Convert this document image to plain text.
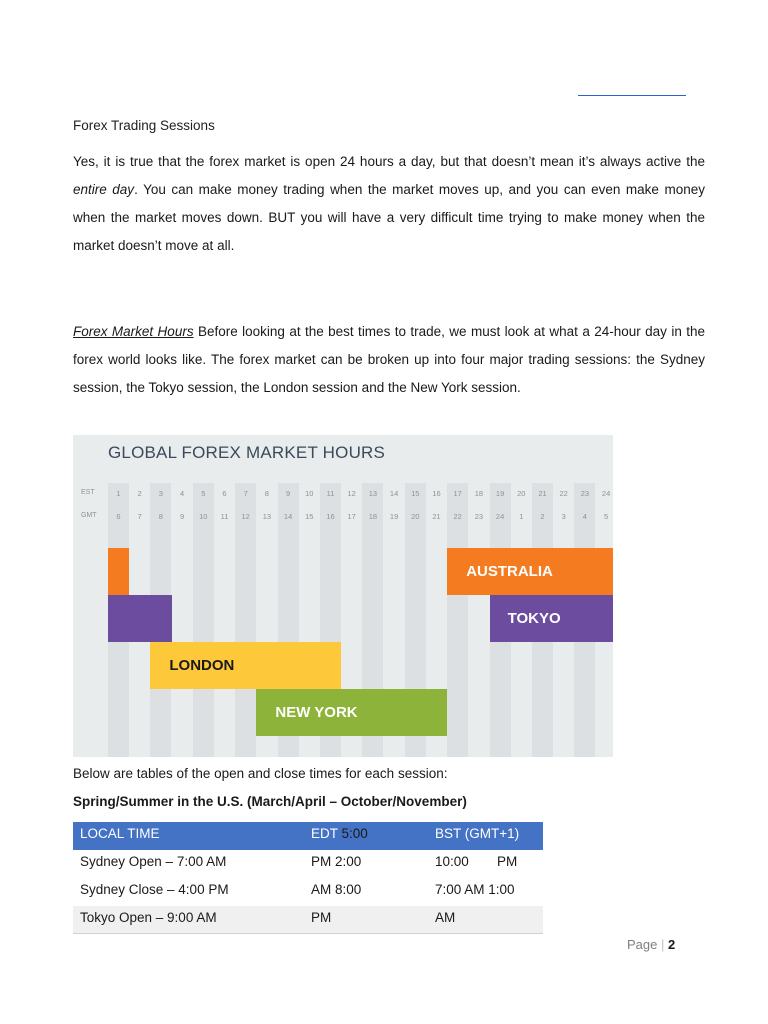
Forex Trading Sessions

Yes, it is true that the forex market is open 24 hours a day, but that doesn’t mean it’s always active the entire day. You can make money trading when the market moves up, and you can even make money when the market moves down. BUT you will have a very difficult time trying to make money when the market doesn’t move at all.

Forex Market Hours Before looking at the best times to trade, we must look at what a 24-hour day in the forex world looks like. The forex market can be broken up into four major trading sessions: the Sydney session, the Tokyo session, the London session and the New York session.

GLOBAL FOREX MARKET HOURS
EST
GMT
1	2	3	4	5	6	7	8	9	10	11	12	13	14	15	16	17	18	19	20	21	22	23	24
6	7	8	9	10	11	12	13	14	15	16	17	18	19	20	21	22	23	24	1	2	3	4	5
AUSTRALIA
TOKYO
LONDON
NEW YORK
Below are tables of the open and close times for each session:
Spring/Summer in the U.S. (March/April – October/November)
LOCAL TIME	EDT 5:00	BST (GMT+1)
Sydney Open – 7:00 AM	PM 2:00	10:00 PM
Sydney Close – 4:00 PM	AM 8:00	7:00 AM 1:00
Tokyo Open – 9:00 AM	PM	AM
Page | 2
